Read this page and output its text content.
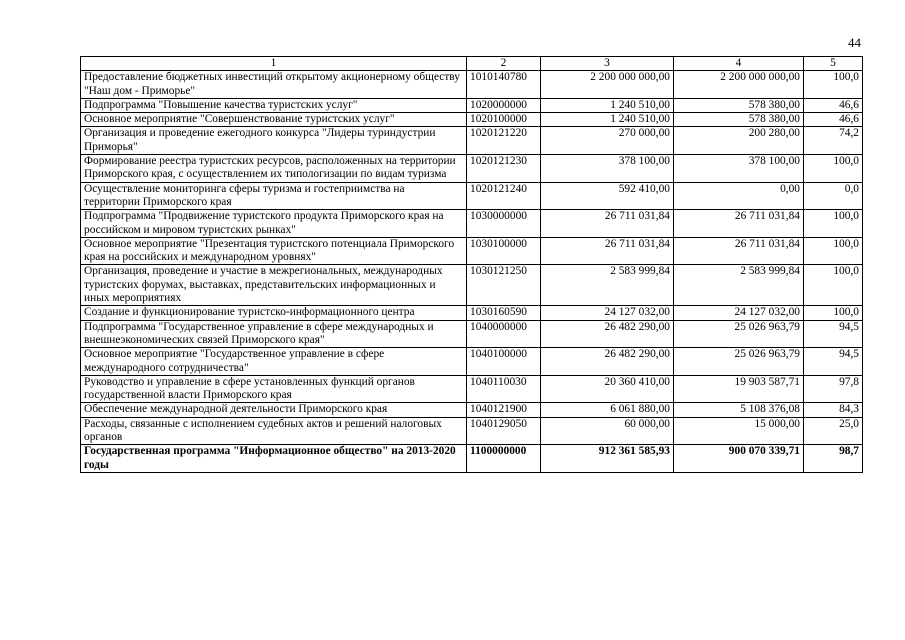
44
1	2	3	4	5
Предоставление бюджетных инвестиций открытому акционерному обществу "Наш дом - Приморье"	1010140780	2 200 000 000,00	2 200 000 000,00	100,0
Подпрограмма "Повышение качества туристских услуг"	1020000000	1 240 510,00	578 380,00	46,6
Основное мероприятие "Совершенствование туристских услуг"	1020100000	1 240 510,00	578 380,00	46,6
Организация и проведение ежегодного конкурса "Лидеры туриндустрии Приморья"	1020121220	270 000,00	200 280,00	74,2
Формирование реестра туристских ресурсов, расположенных на территории Приморского края, с осуществлением их типологизации по видам туризма	1020121230	378 100,00	378 100,00	100,0
Осуществление мониторинга сферы туризма и гостеприимства на территории Приморского края	1020121240	592 410,00	0,00	0,0
Подпрограмма "Продвижение туристского продукта Приморского края на российском и мировом туристских рынках"	1030000000	26 711 031,84	26 711 031,84	100,0
Основное мероприятие "Презентация туристского потенциала Приморского края на российских и международном уровнях"	1030100000	26 711 031,84	26 711 031,84	100,0
Организация, проведение и участие в межрегиональных, международных туристских форумах, выставках, представительских информационных и иных мероприятиях	1030121250	2 583 999,84	2 583 999,84	100,0
Создание и функционирование туристско-информационного центра	1030160590	24 127 032,00	24 127 032,00	100,0
Подпрограмма "Государственное управление в сфере международных и внешнеэкономических связей Приморского края"	1040000000	26 482 290,00	25 026 963,79	94,5
Основное мероприятие "Государственное управление в сфере международного сотрудничества"	1040100000	26 482 290,00	25 026 963,79	94,5
Руководство и управление в сфере установленных функций органов государственной власти Приморского края	1040110030	20 360 410,00	19 903 587,71	97,8
Обеспечение международной деятельности Приморского края	1040121900	6 061 880,00	5 108 376,08	84,3
Расходы, связанные с исполнением судебных актов и решений налоговых органов	1040129050	60 000,00	15 000,00	25,0
Государственная программа "Информационное общество" на 2013-2020 годы	1100000000	912 361 585,93	900 070 339,71	98,7
